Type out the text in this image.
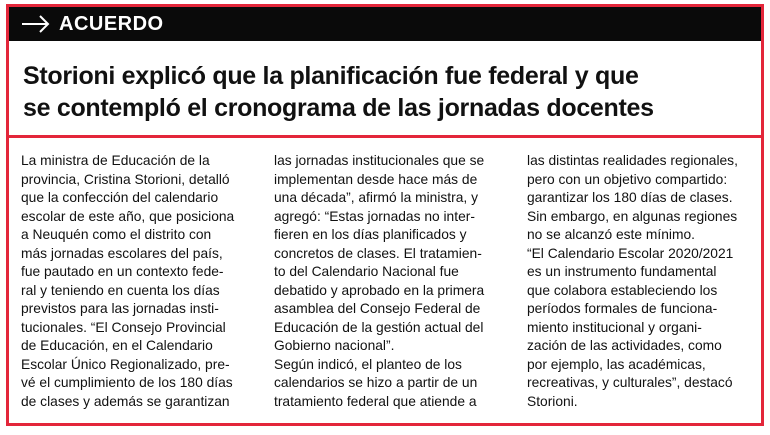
ACUERDO
Storioni explicó que la planificación fue federal y que
se contempló el cronograma de las jornadas docentes
La ministra de Educación de la
provincia, Cristina Storioni, detalló
que la confección del calendario
escolar de este año, que posiciona
a Neuquén como el distrito con
más jornadas escolares del país,
fue pautado en un contexto fede-
ral y teniendo en cuenta los días
previstos para las jornadas insti-
tucionales. “El Consejo Provincial
de Educación, en el Calendario
Escolar Único Regionalizado, pre-
vé el cumplimiento de los 180 días
de clases y además se garantizan
las jornadas institucionales que se
implementan desde hace más de
una década”, afirmó la ministra, y
agregó: “Estas jornadas no inter-
fieren en los días planificados y
concretos de clases. El tratamien-
to del Calendario Nacional fue
debatido y aprobado en la primera
asamblea del Consejo Federal de
Educación de la gestión actual del
Gobierno nacional”.
Según indicó, el planteo de los
calendarios se hizo a partir de un
tratamiento federal que atiende a
las distintas realidades regionales,
pero con un objetivo compartido:
garantizar los 180 días de clases.
Sin embargo, en algunas regiones
no se alcanzó este mínimo.
“El Calendario Escolar 2020/2021
es un instrumento fundamental
que colabora estableciendo los
períodos formales de funciona-
miento institucional y organi-
zación de las actividades, como
por ejemplo, las académicas,
recreativas, y culturales”, destacó
Storioni.
